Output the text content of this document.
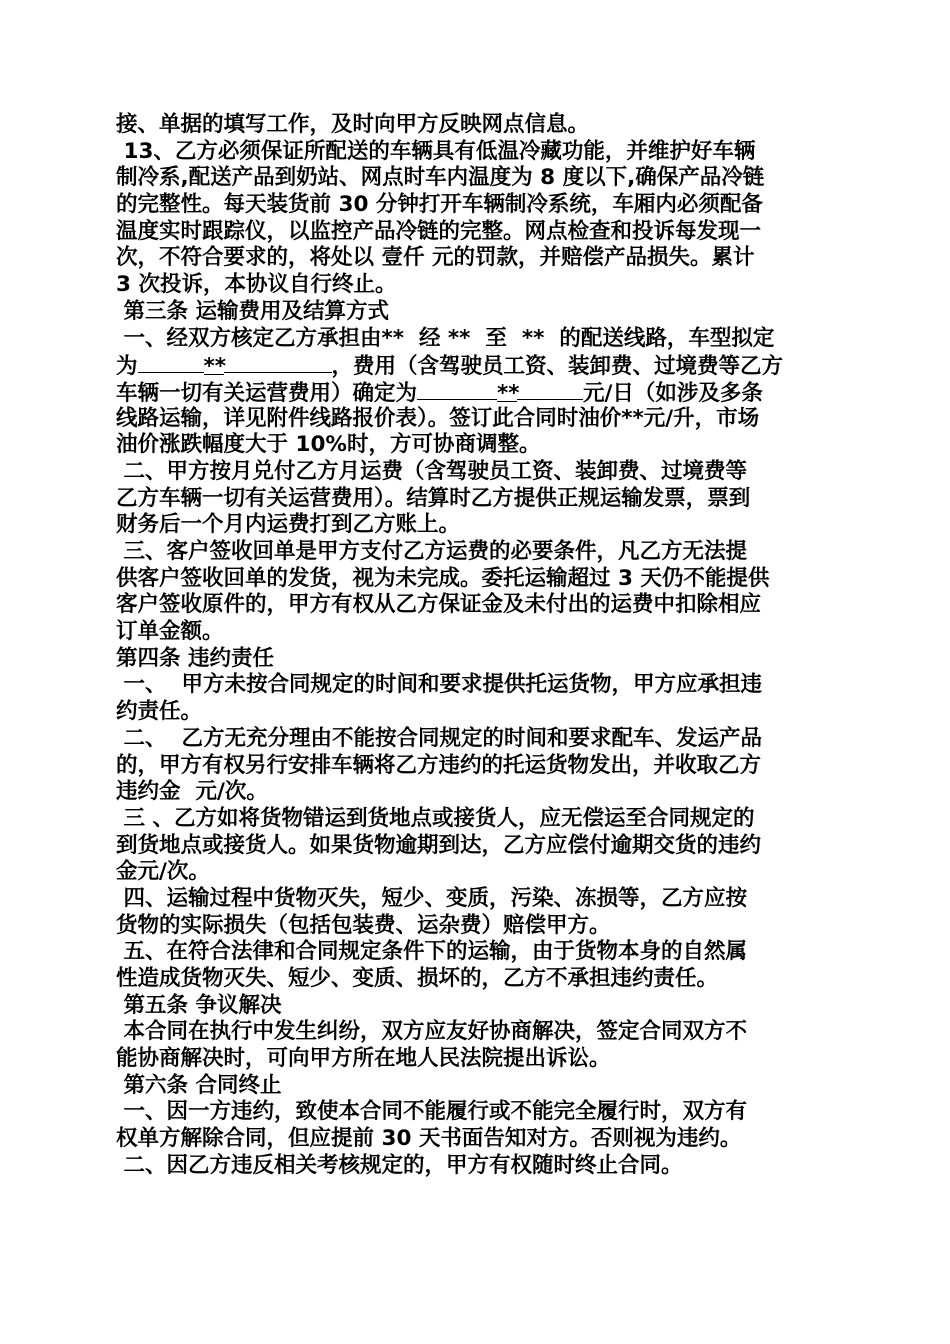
接、单据的填写工作，及时向甲方反映网点信息。
13、乙方必须保证所配送的车辆具有低温冷藏功能，并维护好车辆
制冷系,配送产品到奶站、网点时车内温度为 8 度以下,确保产品冷链
的完整性。每天装货前 30 分钟打开车辆制冷系统，车厢内必须配备
温度实时跟踪仪，以监控产品冷链的完整。网点检查和投诉每发现一
次，不符合要求的，将处以 壹仟 元的罚款，并赔偿产品损失。累计
3 次投诉，本协议自行终止。
第三条 运输费用及结算方式
一、经双方核定乙方承担由**  经 **  至  **  的配送线路，车型拟定
为	**	，费用（含驾驶员工资、装卸费、过境费等乙方
车辆一切有关运营费用）确定为	**	元/日（如涉及多条
线路运输，详见附件线路报价表）。签订此合同时油价**元/升，市场
油价涨跌幅度大于 10%时，方可协商调整。
二、甲方按月兑付乙方月运费（含驾驶员工资、装卸费、过境费等
乙方车辆一切有关运营费用）。结算时乙方提供正规运输发票，票到
财务后一个月内运费打到乙方账上。
三、客户签收回单是甲方支付乙方运费的必要条件，凡乙方无法提
供客户签收回单的发货，视为未完成。委托运输超过 3 天仍不能提供
客户签收原件的，甲方有权从乙方保证金及未付出的运费中扣除相应
订单金额。
第四条 违约责任
一、  甲方未按合同规定的时间和要求提供托运货物，甲方应承担违
约责任。
二、  乙方无充分理由不能按合同规定的时间和要求配车、发运产品
的，甲方有权另行安排车辆将乙方违约的托运货物发出，并收取乙方
违约金  元/次。
三 、乙方如将货物错运到货地点或接货人，应无偿运至合同规定的
到货地点或接货人。如果货物逾期到达，乙方应偿付逾期交货的违约
金元/次。
四、运输过程中货物灭失，短少、变质，污染、冻损等，乙方应按
货物的实际损失（包括包装费、运杂费）赔偿甲方。
五、在符合法律和合同规定条件下的运输，由于货物本身的自然属
性造成货物灭失、短少、变质、损坏的，乙方不承担违约责任。
第五条 争议解决
本合同在执行中发生纠纷，双方应友好协商解决，签定合同双方不
能协商解决时，可向甲方所在地人民法院提出诉讼。
第六条 合同终止
一、因一方违约，致使本合同不能履行或不能完全履行时，双方有
权单方解除合同，但应提前 30 天书面告知对方。否则视为违约。
二、因乙方违反相关考核规定的，甲方有权随时终止合同。
